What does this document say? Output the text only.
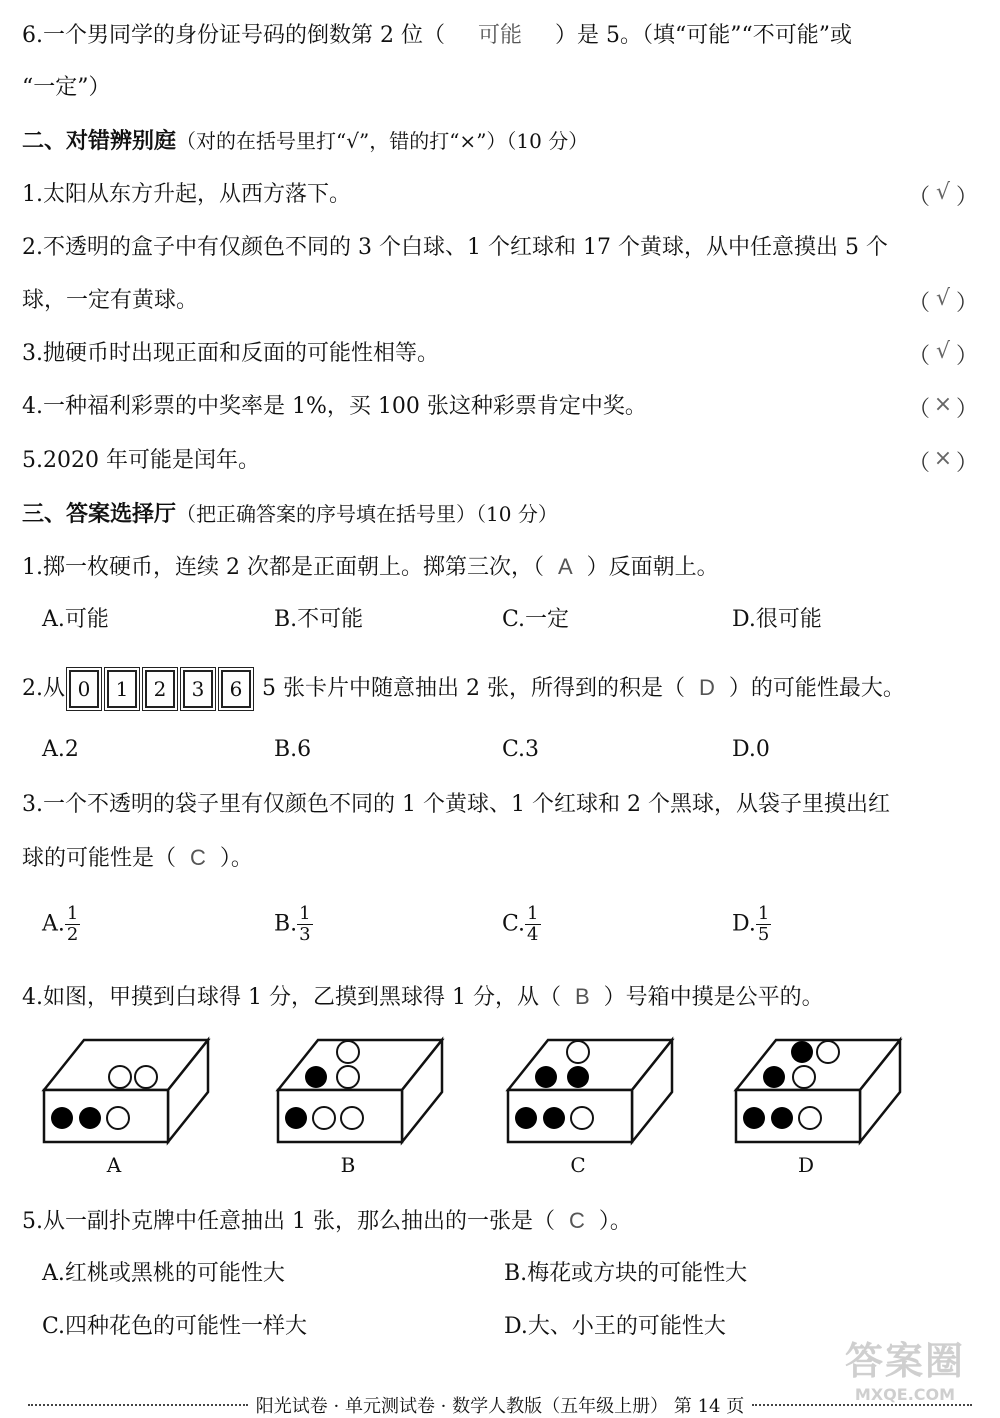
6.一个男同学的身份证号码的倒数第 2 位（ 可能 ）是 5。（填“可能”“不可能”或
“一定”）
二、对错辨别庭（对的在括号里打“√”，错的打“×”）（10 分）
1.太阳从东方升起，从西方落下。	（ √ ）
2.不透明的盒子中有仅颜色不同的 3 个白球、1 个红球和 17 个黄球，从中任意摸出 5 个
球，一定有黄球。	（ √ ）
3.抛硬币时出现正面和反面的可能性相等。	（ √ ）
4.一种福利彩票的中奖率是 1%，买 100 张这种彩票肯定中奖。	（ × ）
5.2020 年可能是闰年。	（ × ）
三、答案选择厅（把正确答案的序号填在括号里）（10 分）
1.掷一枚硬币，连续 2 次都是正面朝上。掷第三次，（ A ）反面朝上。
A.可能	B.不可能	C.一定	D.很可能
2.从 0 1 2 3 6 5 张卡片中随意抽出 2 张，所得到的积是（ D ）的可能性最大。
A.2	B.6	C.3	D.0
3.一个不透明的袋子里有仅颜色不同的 1 个黄球、1 个红球和 2 个黑球，从袋子里摸出红
球的可能性是（ C ）。
A. $\frac{1}{2}$	B. $\frac{1}{3}$	C. $\frac{1}{4}$	D. $\frac{1}{5}$
4.如图，甲摸到白球得 1 分，乙摸到黑球得 1 分，从（ B ）号箱中摸是公平的。
A	B	C	D
5.从一副扑克牌中任意抽出 1 张，那么抽出的一张是（ C ）。
A.红桃或黑桃的可能性大	B.梅花或方块的可能性大
C.四种花色的可能性一样大	D.大、小王的可能性大
答案圈
MXQE.COM
阳光试卷 · 单元测试卷 · 数学人教版（五年级上册） 第 14 页
